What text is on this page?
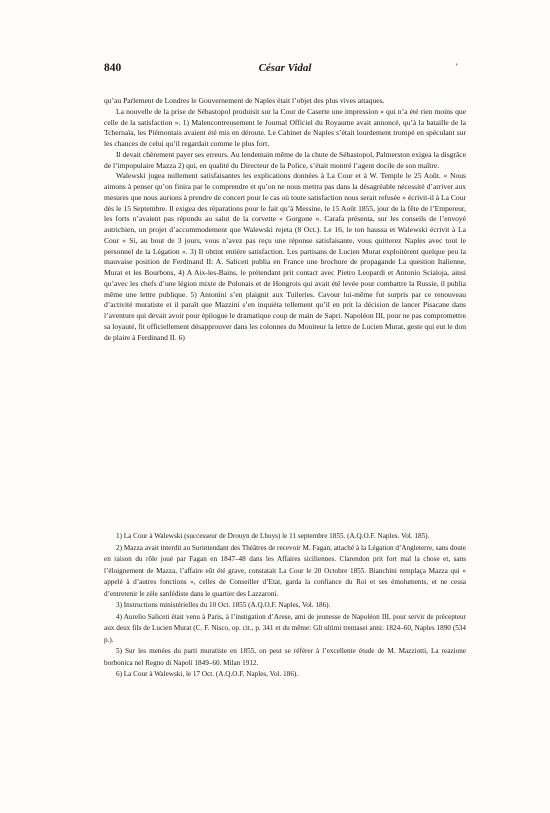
840	César Vidal	’

qu’au Parlement de Londres le Gouvernement de Naples était l’objet des plus vives attaques.

La nouvelle de la prise de Sébastopol produisit sur la Cour de Caserte une impression « qui n’a été rien moins que celle de la satisfaction ». 1) Malencontreusement le Journal Officiel du Royaume avait annoncé, qu’à la bataille de la Tchernaïa, les Piémontais avaient été mis en déroute. Le Cabinet de Naples s’était lourdement trompé en spéculant sur les chances de celui qu’il regardait comme le plus fort.

Il devait chèrement payer ses erreurs. Au lendemain même de la chute de Sébastopol, Palmerston exigea la disgrâce de l’impopulaire Mazza 2) qui, en qualité du Directeur de la Police, s’était montré l’agent docile de son maître.

Walewski jugea nullement satisfaisantes les explications données à La Cour et à W. Temple le 25 Août. « Nous aimons à penser qu’on finira par le comprendre et qu’on ne nous mettra pas dans la désagréable nécessité d’arriver aux mesures que nous aurions à prendre de concert pour le cas où toute satisfaction nous serait refusée » écrivit-il à La Cour dès le 15 Septembre. Il exigea des réparations pour le fait qu’à Messine, le 15 Août 1855, jour de la fête de l’Empereur, les forts n’avaient pas répondu au salut de la corvette « Gorgone ». Carafa présenta, sur les conseils de l’envoyé autrichien, un projet d’accommodement que Walewski rejeta (8 Oct.). Le 16, le ton haussa et Walewski écrivit à La Cour « Si, au bout de 3 jours, vous n’avez pas reçu une réponse satisfaisante, vous quitterez Naples avec tout le personnel de la Légation ». 3) Il obtint entière satisfaction. Les partisans de Lucien Murat exploitèrent quelque peu la mauvaise position de Ferdinand II: A. Saliceti publia en France une brochure de propagande La question Italienne, Murat et les Bourbons, 4) A Aix-les-Bains, le prétendant prit contact avec Pietro Leopardi et Antonio Scialoja, ainsi qu’avec les chefs d’une légion mixte de Polonais et de Hongrois qui avait été levée pour combattre la Russie, il publia même une lettre publique. 5) Antonini s’en plaignit aux Tuileries. Cavour lui-même fut surpris par ce renouveau d’activité muratiste et il paraît que Mazzini s’en inquiéta tellement qu’il en prit la décision de lancer Pisacane dans l’aventure qui devait avoir pour épilogue le dramatique coup de main de Sapri. Napoléon III, pour ne pas compromettre sa loyauté, fit officiellement désapprouver dans les colonnes du Moniteur la lettre de Lucien Murat, geste qui eut le don de plaire à Ferdinand II. 6)

1) La Cour à Walewski (successeur de Drouyn de Lhuys) le 11 septembre 1855. (A.Q.O.F. Naples. Vol. 185).

2) Mazza avait interdit au Surintendant des Théâtres de recevoir M. Fagan, attaché à la Légation d’Angleterre, sans doute en raison du rôle joué par Fagan en 1847–48 dans les Affaires siciliennes. Clarendon prit fort mal la chose et, sans l’éloignement de Mazza, l’affaire eût été grave, constatait La Cour le 20 Octobre 1855. Bianchini remplaça Mazza qui « appelé à d’autres fonctions », celles de Conseiller d’Etat, garda la confiance du Roi et ses émoluments, et ne cessa d’entretenir le zèle sanfédiste dans le quartier des Lazzaroni.

3) Instructions ministérielles du 10 Oct. 1855 (A.Q.O.F. Naples, Vol. 186).

4) Aurelio Saliceti était venu à Paris, à l’instigation d’Arese, ami de jeunesse de Napoléon III, pour servir de précepteur aux deux fils de Lucien Murat (C. F. Nisco, op. cit., p. 341 et du même: Gli ultimi trentasei anni: 1824–60, Naples 1890 (534 p.).

5) Sur les menées du parti muratiste en 1855, on peut se référer à l’excellente étude de M. Mazziotti, La reazione borbonica nel Regno di Napoli 1849–60. Milan 1912.

6) La Cour à Walewski, le 17 Oct. (A.Q.O.F. Naples, Vol. 186).
